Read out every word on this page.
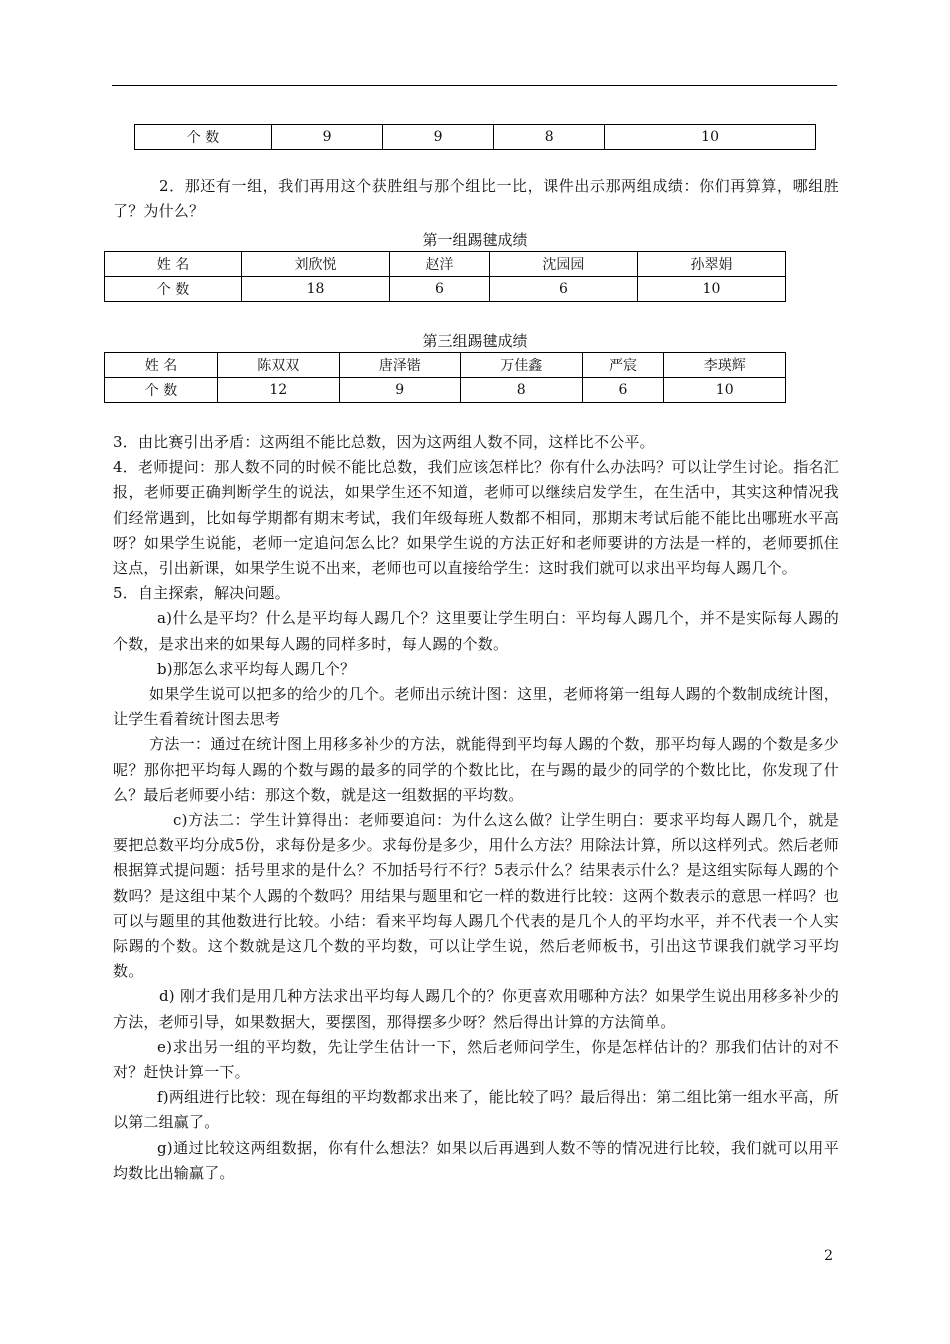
个 数	9	9	8	10

2．那还有一组，我们再用这个获胜组与那个组比一比，课件出示那两组成绩：你们再算算，哪组胜了？为什么？

第一组踢毽成绩
姓 名	刘欣悦	赵洋	沈园园	孙翠娟
个 数	18	6	6	10
第三组踢毽成绩
姓 名	陈双双	唐泽锴	万佳鑫	严宸	李瑛辉
个 数	12	9	8	6	10

3．由比赛引出矛盾：这两组不能比总数，因为这两组人数不同，这样比不公平。

4．老师提问：那人数不同的时候不能比总数，我们应该怎样比？你有什么办法吗？可以让学生讨论。指名汇报，老师要正确判断学生的说法，如果学生还不知道，老师可以继续启发学生，在生活中，其实这种情况我们经常遇到，比如每学期都有期末考试，我们年级每班人数都不相同，那期末考试后能不能比出哪班水平高呀？如果学生说能，老师一定追问怎么比？如果学生说的方法正好和老师要讲的方法是一样的，老师要抓住这点，引出新课，如果学生说不出来，老师也可以直接给学生：这时我们就可以求出平均每人踢几个。

5．自主探索，解决问题。

a)什么是平均？什么是平均每人踢几个？这里要让学生明白：平均每人踢几个，并不是实际每人踢的个数，是求出来的如果每人踢的同样多时，每人踢的个数。

b)那怎么求平均每人踢几个？

如果学生说可以把多的给少的几个。老师出示统计图：这里，老师将第一组每人踢的个数制成统计图，让学生看着统计图去思考

方法一：通过在统计图上用移多补少的方法，就能得到平均每人踢的个数，那平均每人踢的个数是多少呢？那你把平均每人踢的个数与踢的最多的同学的个数比比，在与踢的最少的同学的个数比比，你发现了什么？最后老师要小结：那这个数，就是这一组数据的平均数。

c)方法二：学生计算得出：老师要追问：为什么这么做？让学生明白：要求平均每人踢几个，就是要把总数平均分成5份，求每份是多少。求每份是多少，用什么方法？用除法计算，所以这样列式。然后老师根据算式提问题：括号里求的是什么？不加括号行不行？5表示什么？结果表示什么？是这组实际每人踢的个数吗？是这组中某个人踢的个数吗？用结果与题里和它一样的数进行比较：这两个数表示的意思一样吗？也可以与题里的其他数进行比较。小结：看来平均每人踢几个代表的是几个人的平均水平，并不代表一个人实际踢的个数。这个数就是这几个数的平均数，可以让学生说，然后老师板书，引出这节课我们就学习平均数。

d) 刚才我们是用几种方法求出平均每人踢几个的？你更喜欢用哪种方法？如果学生说出用移多补少的方法，老师引导，如果数据大，要摆图，那得摆多少呀？然后得出计算的方法简单。

e)求出另一组的平均数，先让学生估计一下，然后老师问学生，你是怎样估计的？那我们估计的对不对？赶快计算一下。

f)两组进行比较：现在每组的平均数都求出来了，能比较了吗？最后得出：第二组比第一组水平高，所以第二组赢了。

g)通过比较这两组数据，你有什么想法？如果以后再遇到人数不等的情况进行比较，我们就可以用平均数比出输赢了。

2
